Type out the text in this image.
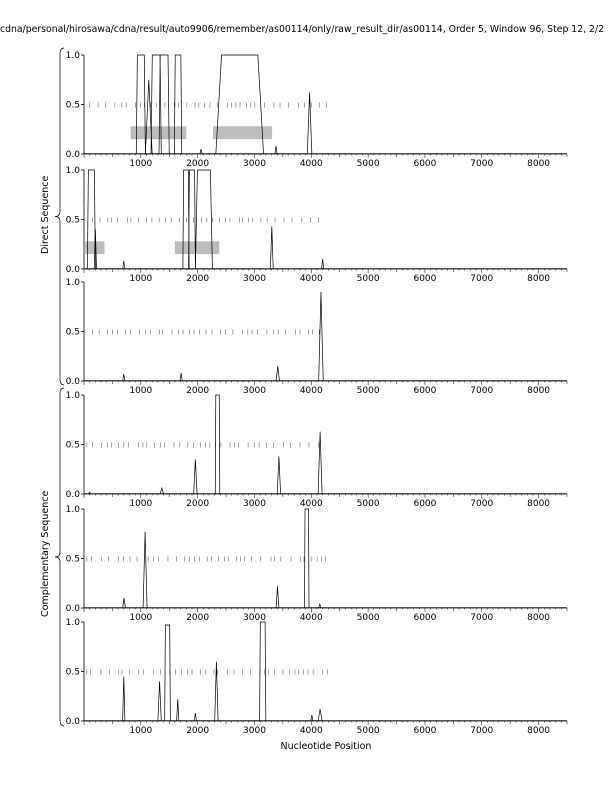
cdna/personal/hirosawa/cdna/result/auto9906/remember/as00114/only/raw_result_dir/as00114, Order 5, Window 96, Step 12, 2/2
0.0
0.5
1.0
1000	2000	3000	4000	5000	6000	7000	8000
0.0
0.5
1.0
1000	2000	3000	4000	5000	6000	7000	8000
0.0
0.5
1.0
1000	2000	3000	4000	5000	6000	7000	8000
0.0
0.5
1.0
1000	2000	3000	4000	5000	6000	7000	8000
0.0
0.5
1.0
1000	2000	3000	4000	5000	6000	7000	8000
0.0
0.5
1.0
1000	2000	3000	4000	5000	6000	7000	8000
Direct Sequence
Complementary Sequence
Nucleotide Position
